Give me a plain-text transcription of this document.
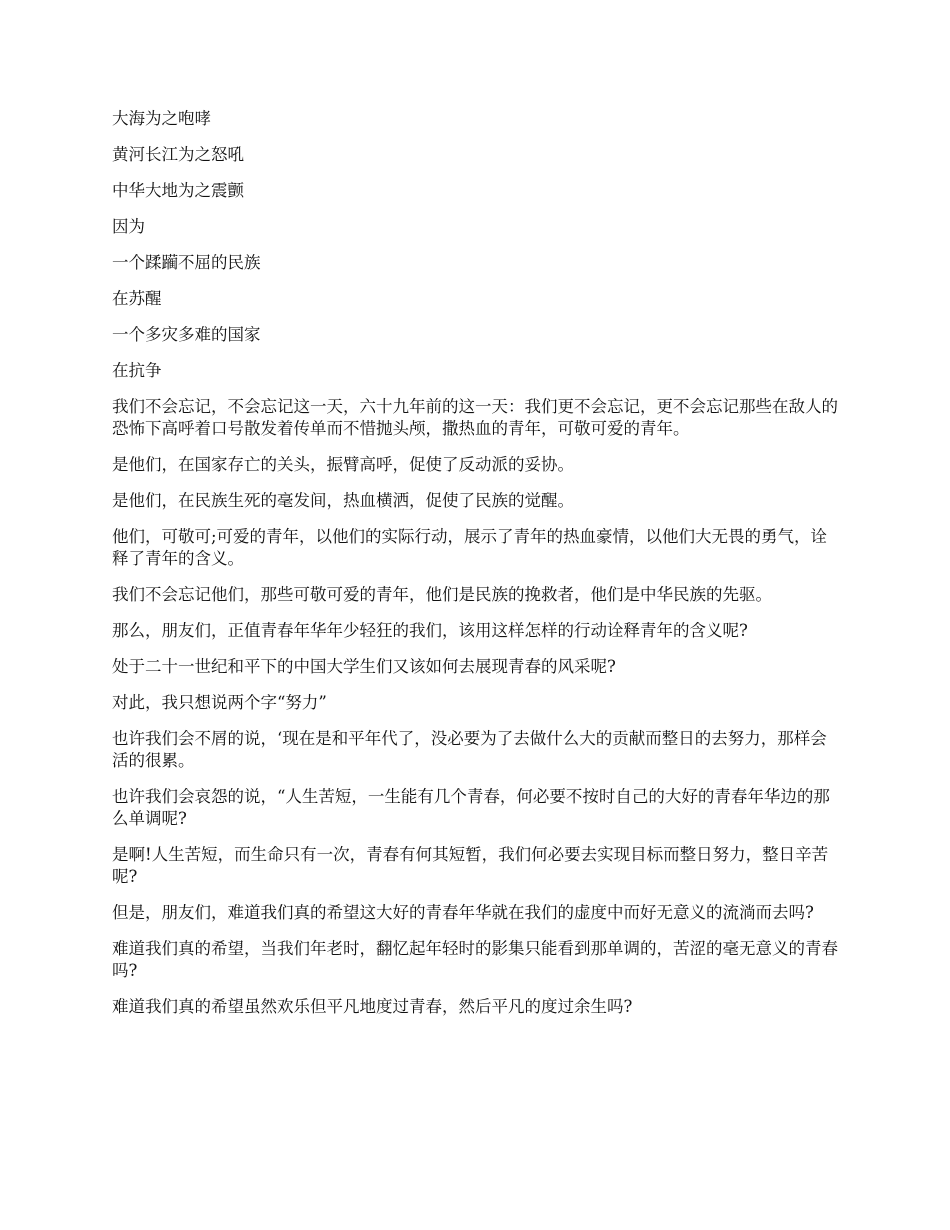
大海为之咆哮

黄河长江为之怒吼

中华大地为之震颤

因为

一个蹂躏不屈的民族

在苏醒

一个多灾多难的国家

在抗争

我们不会忘记，不会忘记这一天，六十九年前的这一天：我们更不会忘记，更不会忘记那些在敌人的恐怖下高呼着口号散发着传单而不惜抛头颅，撒热血的青年，可敬可爱的青年。

是他们，在国家存亡的关头，振臂高呼，促使了反动派的妥协。

是他们，在民族生死的毫发间，热血横洒，促使了民族的觉醒。

他们，可敬可;可爱的青年，以他们的实际行动，展示了青年的热血豪情，以他们大无畏的勇气，诠释了青年的含义。

我们不会忘记他们，那些可敬可爱的青年，他们是民族的挽救者，他们是中华民族的先驱。

那么，朋友们，正值青春年华年少轻狂的我们，该用这样怎样的行动诠释青年的含义呢?

处于二十一世纪和平下的中国大学生们又该如何去展现青春的风采呢?

对此，我只想说两个字“努力”

也许我们会不屑的说，‘现在是和平年代了，没必要为了去做什么大的贡献而整日的去努力，那样会活的很累。

也许我们会哀怨的说，“人生苦短，一生能有几个青春，何必要不按时自己的大好的青春年华边的那么单调呢?

是啊!人生苦短，而生命只有一次，青春有何其短暂，我们何必要去实现目标而整日努力，整日辛苦呢?

但是，朋友们，难道我们真的希望这大好的青春年华就在我们的虚度中而好无意义的流淌而去吗?

难道我们真的希望，当我们年老时，翻忆起年轻时的影集只能看到那单调的，苦涩的毫无意义的青春吗?

难道我们真的希望虽然欢乐但平凡地度过青春，然后平凡的度过余生吗?
